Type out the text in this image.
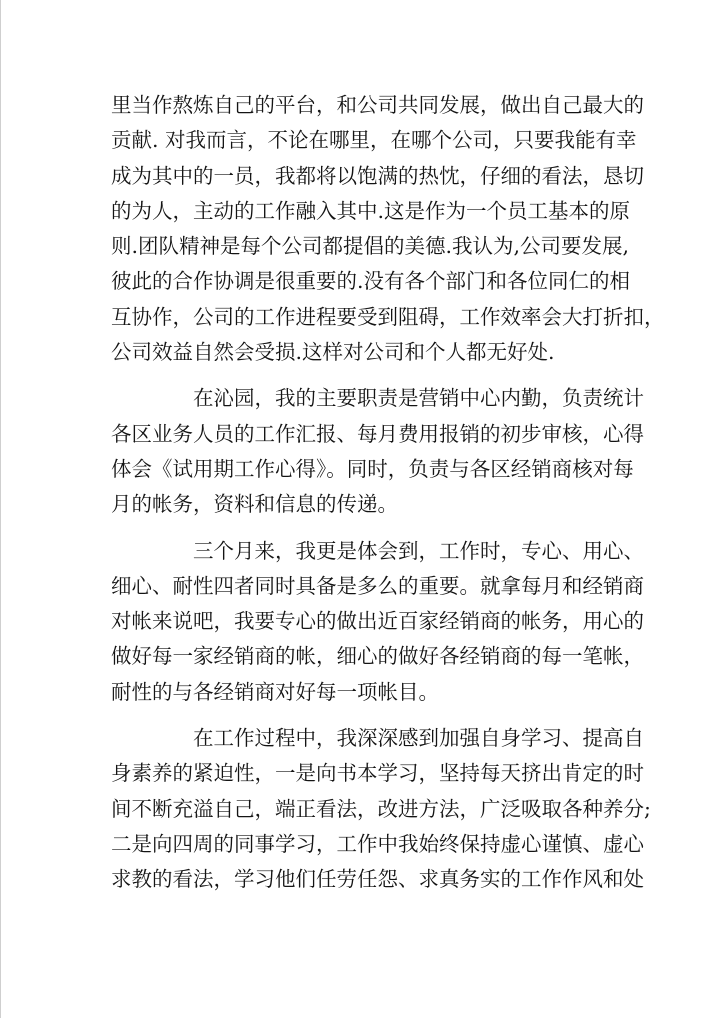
里当作熬炼自己的平台，和公司共同发展，做出自己最大的
贡献. 对我而言，不论在哪里，在哪个公司，只要我能有幸
成为其中的一员，我都将以饱满的热忱，仔细的看法，恳切
的为人，主动的工作融入其中.这是作为一个员工基本的原
则.团队精神是每个公司都提倡的美德.我认为,公司要发展,
彼此的合作协调是很重要的.没有各个部门和各位同仁的相
互协作，公司的工作进程要受到阻碍，工作效率会大打折扣，
公司效益自然会受损.这样对公司和个人都无好处.
在沁园，我的主要职责是营销中心内勤，负责统计
各区业务人员的工作汇报、每月费用报销的初步审核，心得
体会《试用期工作心得》。同时，负责与各区经销商核对每
月的帐务，资料和信息的传递。
三个月来，我更是体会到，工作时，专心、用心、
细心、耐性四者同时具备是多么的重要。就拿每月和经销商
对帐来说吧，我要专心的做出近百家经销商的帐务，用心的
做好每一家经销商的帐，细心的做好各经销商的每一笔帐，
耐性的与各经销商对好每一项帐目。
在工作过程中，我深深感到加强自身学习、提高自
身素养的紧迫性，一是向书本学习，坚持每天挤出肯定的时
间不断充溢自己，端正看法，改进方法，广泛吸取各种养分;
二是向四周的同事学习，工作中我始终保持虚心谨慎、虚心
求教的看法，学习他们任劳任怨、求真务实的工作作风和处
